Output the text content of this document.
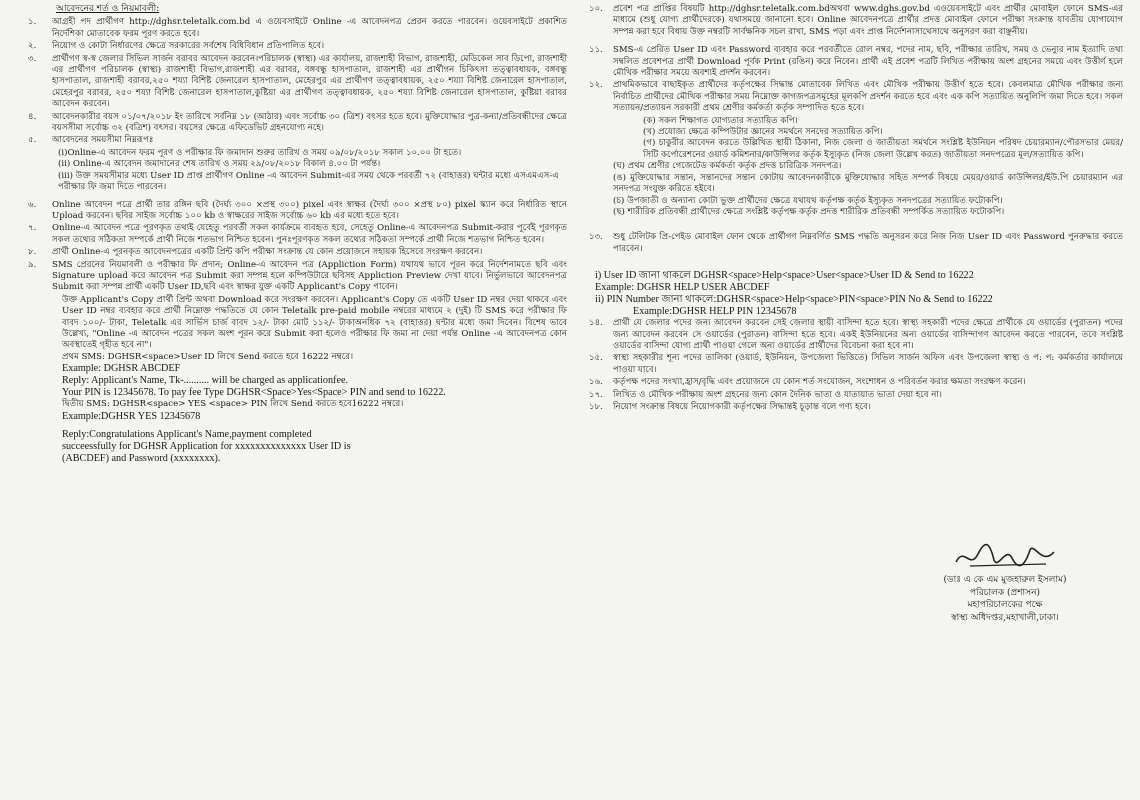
আবেদনের শর্ত ও নিয়মাবলী:
১.	আগ্রহী পদ প্রার্থীগণ http://dghsr.teletalk.com.bd এ ওয়েবসাইটে Online -এ আবেদনপত্র প্রেরন করতে পারবেন। ওয়েবসাইটে প্রকাশিত নির্দেশিকা মোতাবেক ফরম পূরণ করতে হবে।
২.	নিয়োগ ও কোটা নির্ধারণের ক্ষেত্রে সরকারের সর্বশেষ বিধিবিধান প্রতিপালিত হবে।
৩.	প্রার্থীগণ স্ব-স্ব জেলার সিভিল সার্জন বরাবর আবেদন করবেন।পরিচালক (স্বাস্থ্য) এর কার্যালয়, রাজশাহী বিভাগ, রাজশাহী, মেডিকেল সাব ডিপো, রাজশাহী এর প্রার্থীগণ পরিচালক (স্বাস্থ্য) রাজশাহী বিভাগ,রাজশাহী এর বরাবর, বঙ্গবন্ধু হাসপাতাল, রাজশাহী এর প্রার্থীগন চিকিৎসা তত্ত্বাবধায়ক, বঙ্গবন্ধু হাসপাতাল, রাজশাহী বরাবর,২৫০ শয্যা বিশিষ্ট জেনারেল হাসপাতাল, মেহেরপুর এর প্রার্থীগণ তত্ত্বাবধায়ক, ২৫০ শয্যা বিশিষ্ট জেনারেল হাসপাতাল, মেহেরপুর বরাবর, ২৫০ শয্যা বিশিষ্ট জেনারেল হাসপাতাল,কুষ্টিয়া এর প্রার্থীগণ তত্ত্বাবধায়ক, ২৫০ শয্যা বিশিষ্ট জেনারেল হাসপাতাল, কুষ্টিয়া বরাবর আবেদন করবেন।
৪.	আবেদনকারীর বয়স ০১/০৭/২০১৮ ইং তারিখে সর্বনিম্ন ১৮ (আঠার) এবং সর্বোচ্চ ৩০ (ত্রিশ) বৎসর হতে হবে। মুক্তিযোদ্ধার পুত্র-কন্যা/প্রতিবন্ধীদের ক্ষেত্রে বয়সসীমা সর্বোচ্চ ৩২ (বত্রিশ) বৎসর। বয়সের ক্ষেত্রে এফিডেভিট গ্রহনযোগ্য নহে।
৫.	আবেদনের সময়সীমা নিম্নরূপঃ
(i)Online-এ আবেদন ফরম পূরণ ও পরীক্ষার ফি জমাদান শুরুর তারিখ ও সময় ০৯/০৮/২০১৮ সকাল ১০.০০ টা হতে।
(ii) Online-এ আবেদন জমাদানের শেষ তারিখ ও সময় ২৯/০৮/২০১৮ বিকাল ৪.০০ টা পর্যন্ত।
(iii) উক্ত সময়সীমার মধ্যে User ID প্রাপ্ত প্রার্থীগণ Online -এ আবেদন Submit-এর সময় থেকে পরবর্তী ৭২ (বাহাত্তর) ঘন্টার মধ্যে এসএমএস-এ পরীক্ষার ফি জমা দিতে পারবেন।
৬.	Online আবেদন পত্রে প্রার্থী তার রঙ্গিন ছবি (দৈর্ঘ্য ৩০০ ×প্রস্থ ৩০০) pixel এবং স্বাক্ষর (দৈর্ঘ্য ৩০০ ×প্রস্থ ৮০) pixel স্ক্যান করে নির্ধারিত স্থানে Upload করবেন। ছবির সাইজ সর্বোচ্চ ১০০ kb ও স্বাক্ষরের সাইজ সর্বোচ্চ ৬০ kb এর মধ্যে হতে হবে।
৭.	Online-এ আবেদন পত্রে পূরণকৃত তথ্যই যেহেতু পরবর্তী সকল কার্যক্রমে ব্যবহৃত হবে, সেহেতু Online-এ আবেদনপত্র Submit-করার পূর্বেই পূরণকৃত সকল তথ্যের সঠিকতা সম্পর্কে প্রার্থী নিজে শতভাগ নিশ্চিত হবেন। পুনঃপূরণকৃত সকল তথ্যের সঠিকতা সম্পর্কে প্রার্থী নিজে শতভাগ নিশ্চিত হবেন।
৮.	প্রার্থী Online-এ পূরনকৃত আবেদনপত্রের একটি প্রিন্ট কপি পরীক্ষা সংক্রান্ত যে কোন প্রয়োজনে সহায়ক হিসেবে সংরক্ষণ করবেন।
৯.	SMS প্রেরনের নিয়মাবলী ও পরীক্ষার ফি প্রদান; Online-এ আবেদন পত্র (Appliction Form) যথাযথ ভাবে পূরন করে নির্দেশনামতে ছবি এবং Signature upload করে আবেদন পত্র Submit করা সম্পন্ন হলে কম্পিউটারে ছবিসহ Appliction Preview দেখা যাবে। নির্ভুলভাবে আবেদনপত্র Submit করা সম্পন্ন প্রার্থী একটি User ID,ছবি এবং স্বাক্ষর যুক্ত একটি Applicant's Copy পাবেন।
উক্ত Applicant's Copy প্রার্থী প্রিন্ট অথবা Download করে সংরক্ষণ করবেন। Applicant's Copy তে একটি User ID নম্বর দেয়া থাকবে এবং User ID নম্বর ব্যবহার করে প্রার্থী নিম্নোক্ত পদ্ধতিতে যে কোন Teletalk pre-paid mobile নম্বরের মাধ্যমে ২ (দুই) টি SMS করে পরীক্ষার ফি বাবদ ১০০/- টাকা, Teletalk এর সার্ভিস চার্জ বাবদ ১২/- টাকা মোট ১১২/- টাকাঅনধিক ৭২ (বাহাত্তর) ঘন্টার মধ্যে জমা দিবেন। বিশেষ ভাবে উল্লেখ্য, "Online -এ আবেদন পত্রের সকল অংশ পূরন করে Submit করা হলেও পরীক্ষার ফি জমা না দেয়া পর্যন্ত Online -এ আবেদনপত্র কোন অবস্থাতেই গৃহীত হবে না"।
প্রথম SMS: DGHSR<space>User ID লিখে Send করতে হবে 16222 নম্বরে।
Example: DGHSR ABCDEF
Reply: Applicant's Name, Tk-.......... will be charged as applicationfee.
Your PIN is 12345678. To pay fee Type DGHSR<Space>Yes<Space> PIN and send to 16222.
দ্বিতীয় SMS: DGHSR<space> YES <space> PIN লিখে Send করতে হবে16222 নম্বরে।
Example:DGHSR YES 12345678
Reply:Congratulations Applicant's Name,payment completed
succeessfully for DGHSR Application for xxxxxxxxxxxxxx User ID is
(ABCDEF) and Password (xxxxxxxx).
১০.	প্রবেশ পত্র প্রাপ্তির বিষয়টি http://dghsr.teletalk.com.bdঅথবা www.dghs.gov.bd এওয়েবসাইটে এবং প্রার্থীর মোবাইল ফোনে SMS-এর মাধ্যমে (শুধু যোগ্য প্রার্থীদেরকে) যথাসময়ে জানানো হবে। Online আবেদনপত্রে প্রার্থীর প্রদত্ত মোবাইল ফোনে পরীক্ষা সংক্রান্ত যাবতীয় যোগাযোগ সম্পন্ন করা হবে বিধায় উক্ত নম্বরটি সার্বক্ষনিক সচল রাখা, SMS পড়া এবং প্রাপ্ত নির্দেশনাসাথেসাথে অনুসরণ করা বাঞ্ছনীয়।
১১.	SMS-এ প্রেরিত User ID এবং Password ব্যবহার করে পরবর্তীতে রোল নম্বর, পদের নাম, ছবি, পরীক্ষার তারিখ, সময় ও ভেন্যুর নাম ইত্যাদি তথ্য সম্বলিত প্রবেশপত্র প্রার্থী Download পূর্বক Print (রঙিন) করে নিবেন। প্রার্থী এই প্রবেশ পত্রটি লিখিত পরীক্ষায় অংশ গ্রহনের সময়ে এবং উত্তীর্ণ হলে মৌখিক পরীক্ষার সময়ে অবশ্যই প্রদর্শন করবেন।
১২.	প্রাথমিকভাবে বাছাইকৃত প্রার্থীদের কর্তৃপক্ষের সিদ্ধান্ত মোতাবেক লিখিত এবং মৌখিক পরীক্ষায় উত্তীর্ণ হতে হবে। কেবলমাত্র মৌখিক পরীক্ষার জন্য নির্বাচিত প্রার্থীদের মৌখিক পরীক্ষার সময় নিম্নোক্ত কাগজপত্রসমূহের মূলকপি প্রদর্শন করতে হবে এবং এক কপি সত্যায়িত অনুলিপি জমা দিতে হবে। সকল সত্যায়ন/প্রত্যায়ন সরকারী প্রথম শ্রেণীর কর্মকর্তা কর্তৃক সম্পাদিত হতে হবে।
(ক) সকল শিক্ষাগত যোগ্যতার সত্যায়িত কপি।
(খ) প্রযোজ্য ক্ষেত্রে কম্পিউটার জ্ঞানের সমর্থনে সনদের সত্যায়িত কপি।
(গ) চাকুরীর আবেদন করতে উল্লিখিত স্থায়ী ঠিকানা, নিজ জেলা ও জাতীয়তা সমর্থনে সংশ্লিষ্ট ইউনিয়ন পরিষদ চেয়ারম্যান/পৌরসভার মেয়র/সিটি কর্পোরেশনের ওয়ার্ড কমিশনার/কাউন্সিলর কর্তৃক ইস্যুকৃত (নিজ জেলা উল্লেখ করত) জাতীয়তা সনদপত্রের মূল/সত্যায়িত কপি।
(ঘ) প্রথম শ্রেণীর গেজেটেড কর্মকর্তা কর্তৃক প্রদত্ত চারিত্রিক সনদপত্র।
(ঙ) মুক্তিযোদ্ধার সন্তান, সন্তানদের সন্তান কোটায় আবেদনকারীকে মুক্তিযোদ্ধার সহিত সম্পর্ক বিষয়ে মেয়র/ওয়ার্ড কাউন্সিলর/ইউ.পি চেয়ারম্যান এর সনদপত্র সংযুক্ত করিতে হইবে।
(চ) উপজাতী ও অন্যান্য কোটা ভুক্ত প্রার্থীদের ক্ষেত্রে যথাযথ কর্তৃপক্ষ কর্তৃক ইস্যুকৃত সনদপত্রের সত্যায়িত ফটোকপি।
(ছ) শারীরিক প্রতিবন্ধী প্রার্থীদের ক্ষেত্রে সংশ্লিষ্ট কর্তৃপক্ষ কর্তৃক প্রদত্ত শারীরিক প্রতিবন্ধী সম্পর্কিত সত্যায়িত ফটোকপি।
১৩.	শুধু টেলিটক প্রি-পেইড মোবাইল ফোন থেকে প্রার্থীগণ নিম্নবর্ণিত SMS পদ্ধতি অনুসরন করে নিজ নিজ User ID এবং Password পুনরুদ্ধার করতে পারবেন।
i) User ID জানা থাকলে DGHSR<space>Help<space>User<space>User ID & Send to 16222
Example: DGHSR HELP USER ABCDEF
ii) PIN Number জানা থাকলে:DGHSR<space>Help<space>PIN<space>PIN No & Send to 16222
Example:DGHSR HELP PIN 12345678
১৪.	প্রার্থী যে জেলার পদের জন্য আবেদন করবেন সেই জেলার স্থায়ী বাসিন্দা হতে হবে। স্বাস্থ্য সহকারী পদের ক্ষেত্রে প্রার্থীকে যে ওয়ার্ডের (পুরাতন) পদের জন্য আবেদন করবেন সে ওয়ার্ডের (পুরাতন) বাসিন্দা হতে হবে। একই ইউনিয়নের অন্য ওয়ার্ডের বাসিন্দাগণ আবেদন করতে পারবেন, তবে সংশ্লিষ্ট ওয়ার্ডের বাসিন্দা যোগ্য প্রার্থী পাওয়া গেলে অন্য ওয়ার্ডের প্রার্থীদের বিবেচনা করা হবে না।
১৫.	স্বাস্থ্য সহকারীর শূন্য পদের তালিকা (ওয়ার্ড, ইউনিয়ন, উপজেলা ভিত্তিতে) সিভিল সার্জন অফিস এবং উপজেলা স্বাস্থ্য ও প: প: কর্মকর্তার কার্যালয়ে পাওয়া যাবে।
১৬.	কর্তৃপক্ষ পদের সংখ্যা,হ্রাস/বৃদ্ধি এবং প্রয়োজনে যে কোন শর্ত সংযোজন, সংশোধন ও পরিবর্তন করার ক্ষমতা সংরক্ষণ করেন।
১৭.	লিখিত ও মৌখিক পরীক্ষায় অংশ গ্রহনের জন্য কোন দৈনিক ভাতা ও যাতায়াত ভাতা দেয়া হবে না।
১৮.	নিয়োগ সংক্রান্ত বিষয়ে নিয়োগকারী কর্তৃপক্ষের সিদ্ধান্তই চূড়ান্ত বলে গণ্য হবে।
(ডাঃ এ কে এম মুজহারুল ইসলাম)
পরিচালক (প্রশাসন)
মহাপরিচালকের পক্ষে
স্বাস্থ্য অধিদপ্তর,মহাখালী,ঢাকা।
